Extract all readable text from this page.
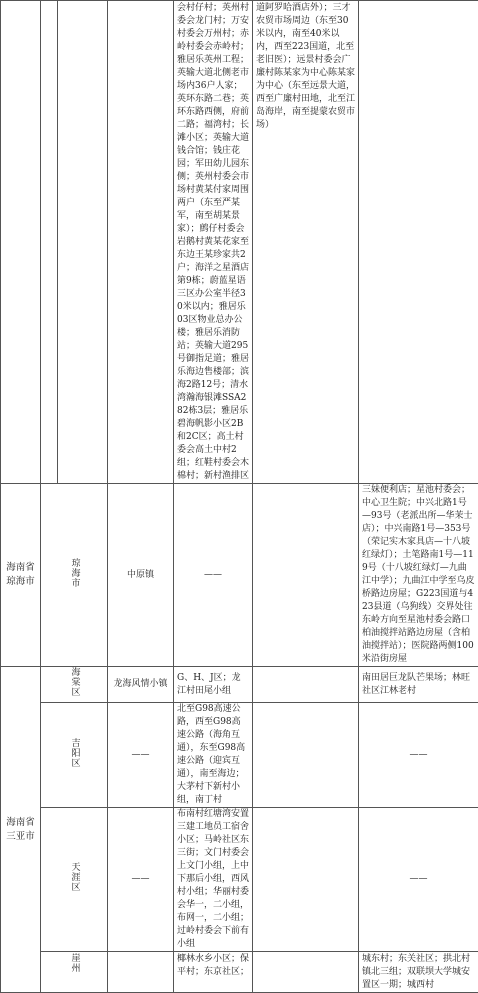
				会村仔村；英州村委会龙门村；万安村委会万州村；赤岭村委会赤岭村；雅居乐英州工程；英输大道北侧老市场内36户人家；英环东路二巷；英环东路西侧，府前二路；福湾村；长滩小区；英输大道钱合馆；钱庄花园；军田幼儿园东侧；英州村委会市场村黄某付家周围两户（东至严某军，南至胡某景家）；鹧仔村委会岩鹅村黄某花家至东边王某珍家共2户；海洋之星酒店第9栋；蔚蓝星语三区办公室半径30米以内；雅居乐03区物业总办公楼；雅居乐消防站；英输大道295号御指足道；雅居乐海边售楼部；滨海2路12号；清水湾瀚海银滩SSA282栋3层；雅居乐碧海帆影小区2B和2C区；高土村委会高土中村2组；红鞋村委会木棉村；新村渔排区	道阿罗哈酒店外）；三才农贸市场周边（东至30米以内，南至40米以内，西至223国道，北至老旧医）；远景村委会广廉村陈某家为中心陈某家为中心（东至远景大道，西至广廉村田地，北至江岛海岸，南至提蒙农贸市场）	
海南省琼海市	琼海市		中原镇	——		三妹便利店；星池村委会；中心卫生院；中兴北路1号—93号（老派出所—华茉士店）；中兴南路1号—353号（荣记实木家具店—十八坡红绿灯）；土笔路南1号—119号（十八坡红绿灯—九曲江中学）；九曲江中学至乌皮桥路边房屋；G223国道与423县道（乌狗线）交界处往东岭方向至星池村委会路口柏油搅拌站路边房屋（含柏油搅拌站）；医院路两侧100米沿街房屋
海南省三亚市	海棠区		龙海风情小镇	G、H、J区；龙江村田尾小组		南田居巨龙队芒果场；林旺社区江林老村
	吉阳区		——	北至G98高速公路，西至G98高速公路（海角互通），东至G98高速公路（迎宾互通），南至海边；大茅村下新村小组，南丁村		——
	天涯区		——	布南村红塘湾安置三建工地员工宿舍小区；马岭社区东三街；文门村委会上文门小组，上中下那后小组，西风村小组；华丽村委会华一，二小组，布网一，二小组；过岭村委会下前有小组		——
	崖州			椰林水乡小区；保平村；东京社区；		城东村；东关社区；拱北村镇北三组；双联坝大学城安置区一期；城西村
